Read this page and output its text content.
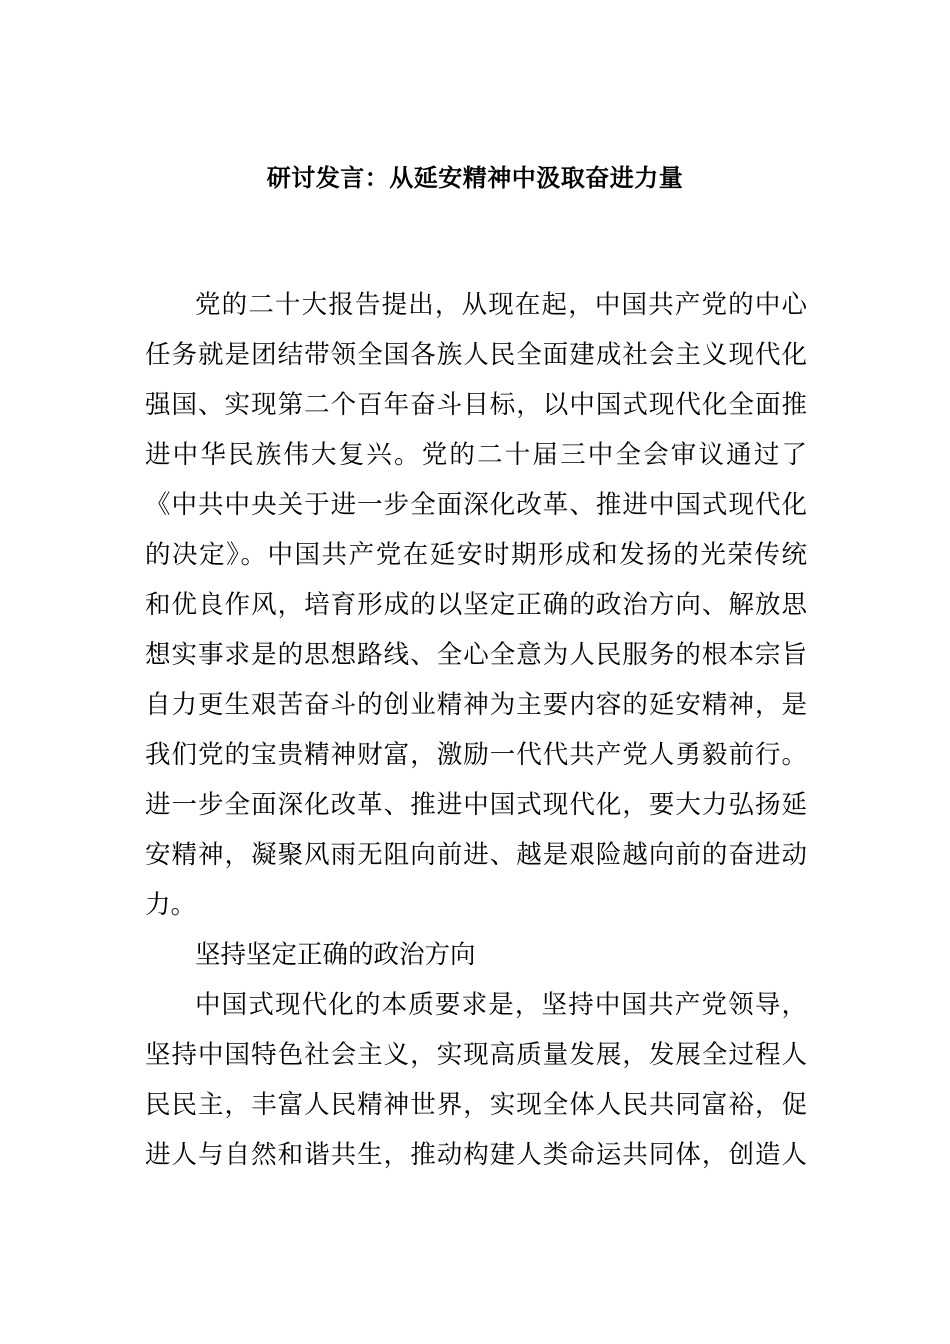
研讨发言：从延安精神中汲取奋进力量
党的二十大报告提出，从现在起，中国共产党的中心
任务就是团结带领全国各族人民全面建成社会主义现代化
强国、实现第二个百年奋斗目标，以中国式现代化全面推
进中华民族伟大复兴。党的二十届三中全会审议通过了
《中共中央关于进一步全面深化改革、推进中国式现代化
的决定》。中国共产党在延安时期形成和发扬的光荣传统
和优良作风，培育形成的以坚定正确的政治方向、解放思
想实事求是的思想路线、全心全意为人民服务的根本宗旨
自力更生艰苦奋斗的创业精神为主要内容的延安精神，是
我们党的宝贵精神财富，激励一代代共产党人勇毅前行。
进一步全面深化改革、推进中国式现代化，要大力弘扬延
安精神，凝聚风雨无阻向前进、越是艰险越向前的奋进动
力。
坚持坚定正确的政治方向
中国式现代化的本质要求是，坚持中国共产党领导，
坚持中国特色社会主义，实现高质量发展，发展全过程人
民民主，丰富人民精神世界，实现全体人民共同富裕，促
进人与自然和谐共生，推动构建人类命运共同体，创造人
